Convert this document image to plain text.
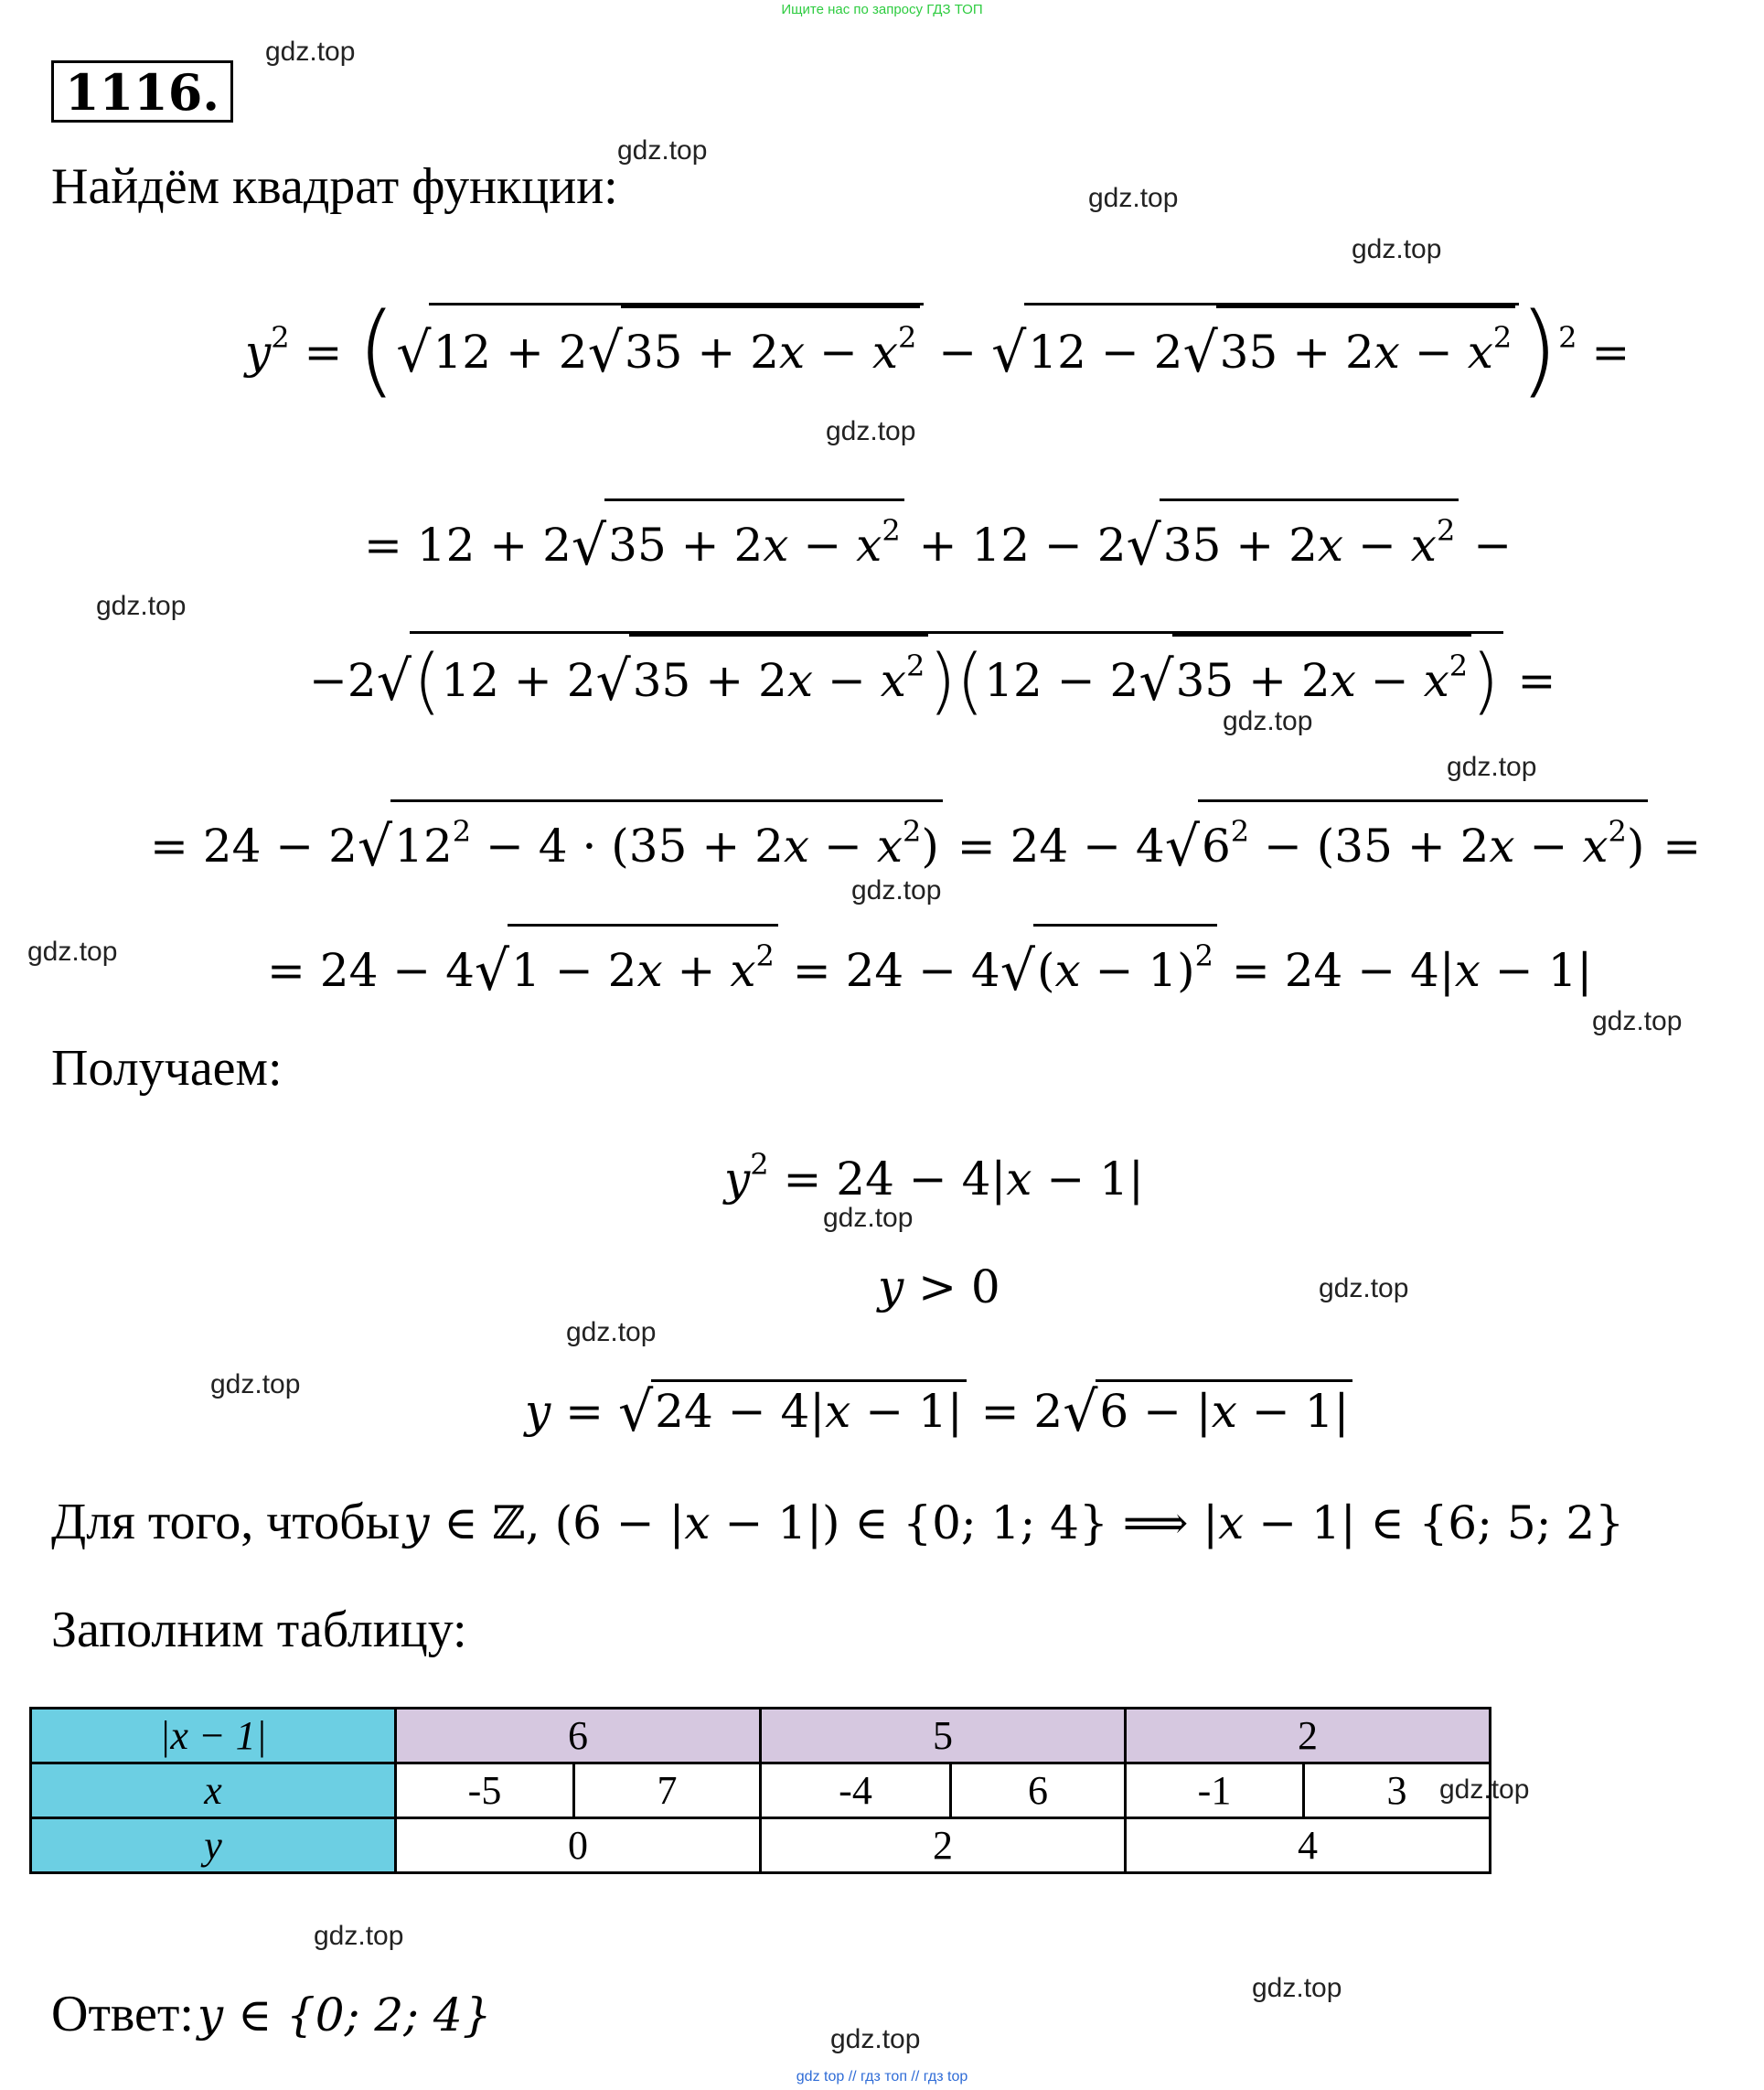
Ищите нас по запросу ГДЗ ТОП
1116.
gdz.top
gdz.top
gdz.top
gdz.top
gdz.top
gdz.top
gdz.top
gdz.top
gdz.top
gdz.top
gdz.top
gdz.top
gdz.top
gdz.top
gdz.top
gdz.top
gdz.top
gdz.top
gdz.top
Найдём квадрат функции:
$y^2 = (√12 + 2√35 + 2x - x^2 - √12 - 2√35 + 2x - x^2)^2$ =
= $12 + 2√35 + 2x - x^2 + 12 - 2√35 + 2x - x^2$ −
$-2√(12 + 2√35 + 2x - x^2)(12 - 2√35 + 2x - x^2)$ =
= $24 - 2√12^2 - 4 \cdot (35 + 2x - x^2) = 24 - 4√6^2 - (35 + 2x - x^2)$ =
= $24 - 4√1 - 2x + x^2 = 24 - 4√(x - 1)^2 = 24 - 4|x - 1|$
Получаем:
$y^2 = 24 - 4|x - 1|$
y > 0
y = √24 − 4|x − 1| = 2√6 − |x − 1|
Для того, чтобы y ∈ ℤ, (6 − |x − 1|) ∈ {0; 1; 4} ⟹ |x − 1| ∈ {6; 5; 2}
Заполним таблицу:
|x − 1|	6		5		2	
x	-5	7	-4	6	-1	3
y	0		2		4	
Ответ: y ∈ {0; 2; 4}
gdz top // гдз топ // гдз top
